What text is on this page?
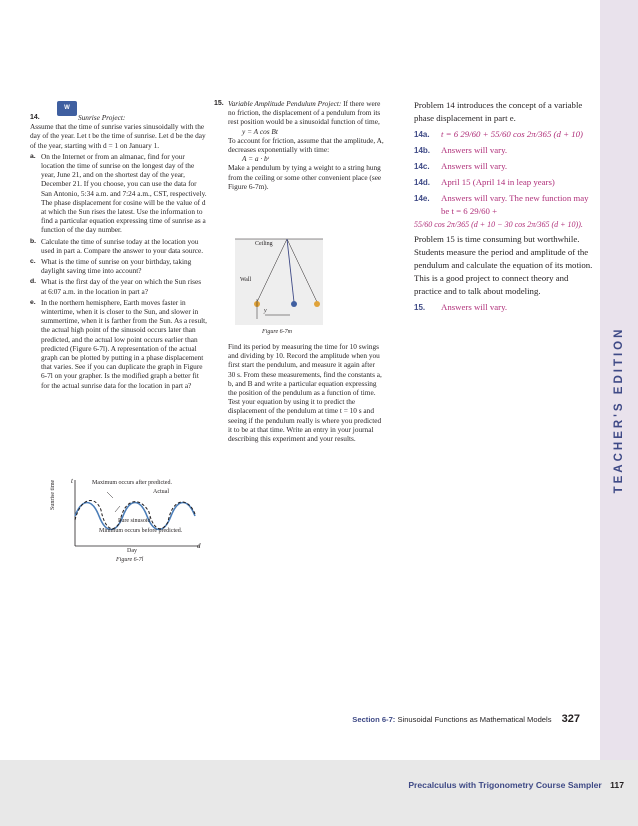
TEACHER'S EDITION
W

14.	Sunrise Project:

Assume that the time of sunrise varies sinusoidally with the day of the year. Let t be the time of sunrise. Let d be the day of the year, starting with d = 1 on January 1.

a. On the Internet or from an almanac, find for your location the time of sunrise on the longest day of the year, June 21, and on the shortest day of the year, December 21. If you choose, you can use the data for San Antonio, 5:34 a.m. and 7:24 a.m., CST, respectively. The phase displacement for cosine will be the value of d at which the Sun rises the latest. Use the information to find a particular equation expressing time of sunrise as a function of the day number.
b. Calculate the time of sunrise today at the location you used in part a. Compare the answer to your data source.
c. What is the time of sunrise on your birthday, taking daylight saving time into account?
d. What is the first day of the year on which the Sun rises at 6:07 a.m. in the location in part a?
e. In the northern hemisphere, Earth moves faster in wintertime, when it is closer to the Sun, and slower in summertime, when it is farther from the Sun. As a result, the actual high point of the sinusoid occurs later than predicted, and the actual low point occurs earlier than predicted (Figure 6-7l). A representation of the actual graph can be plotted by putting in a phase displacement that varies. See if you can duplicate the graph in Figure 6-7l on your grapher. Is the modified graph a better fit for the actual sunrise data for the location in part a?
t
d
Maximum occurs after predicted.
Actual
Pure sinusoid
Minimum occurs before predicted.
Sunrise time
Day
Figure 6-7l

15. Variable Amplitude Pendulum Project: If there were no friction, the displacement of a pendulum from its rest position would be a sinusoidal function of time,

y = A cos Bt

To account for friction, assume that the amplitude, A, decreases exponentially with time:

A = a · bᵗ

Make a pendulum by tying a weight to a string hung from the ceiling or some other convenient place (see Figure 6-7m).

Ceiling
Wall
y
Figure 6-7m

Find its period by measuring the time for 10 swings and dividing by 10. Record the amplitude when you first start the pendulum, and measure it again after 30 s. From these measurements, find the constants a, b, and B and write a particular equation expressing the position of the pendulum as a function of time. Test your equation by using it to predict the displacement of the pendulum at time t = 10 s and seeing if the pendulum really is where you predicted it to be at that time. Write an entry in your journal describing this experiment and your results.

Problem 14 introduces the concept of a variable phase displacement in part e.

14a. t = 6 29/60 + 55/60 cos 2π/365 (d + 10)
14b. Answers will vary.
14c. Answers will vary.
14d. April 15 (April 14 in leap years)
14e. Answers will vary. The new function may be t = 6 29/60 +

55/60 cos 2π/365 (d + 10 − 30 cos 2π/365 (d + 10)).

Problem 15 is time consuming but worthwhile. Students measure the period and amplitude of the pendulum and calculate the equation of its motion. This is a good project to connect theory and practice and to talk about modeling.

15. Answers will vary.
Section 6-7: Sinusoidal Functions as Mathematical Models 327
Precalculus with Trigonometry Course Sampler 117
